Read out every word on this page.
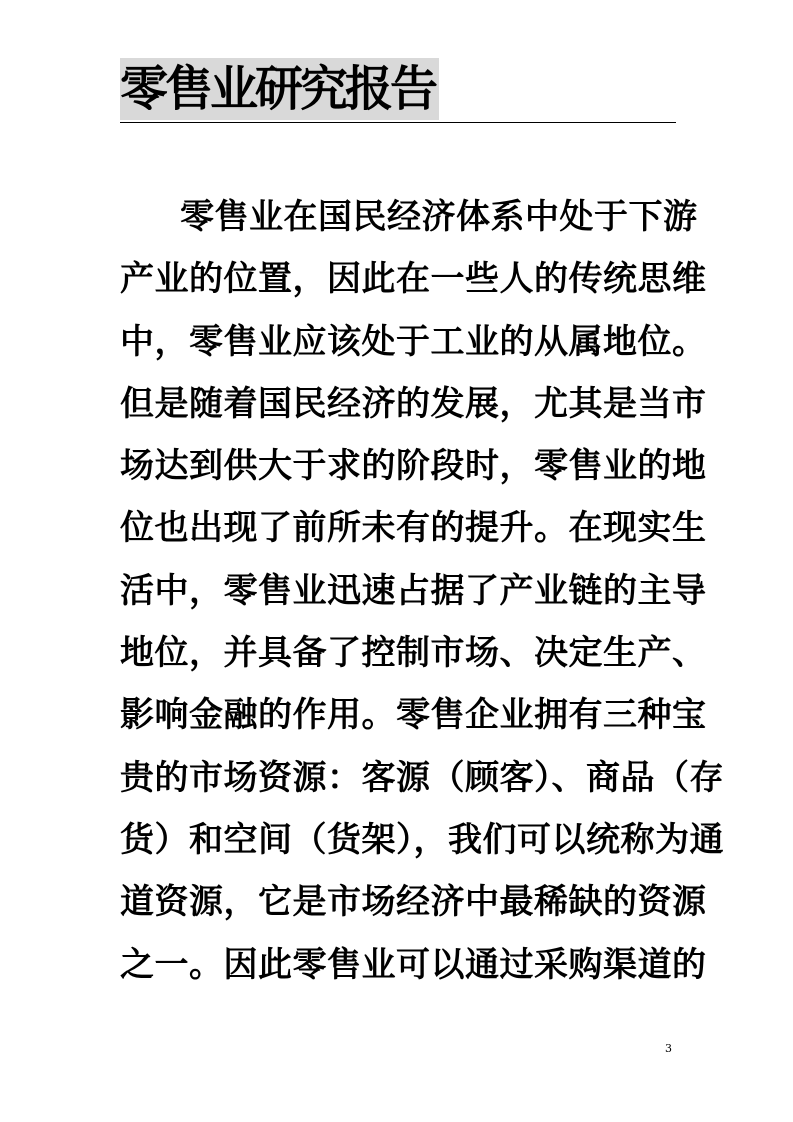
零售业研究报告
零售业在国民经济体系中处于下游
产业的位置，因此在一些人的传统思维
中，零售业应该处于工业的从属地位。
但是随着国民经济的发展，尤其是当市
场达到供大于求的阶段时，零售业的地
位也出现了前所未有的提升。在现实生
活中，零售业迅速占据了产业链的主导
地位，并具备了控制市场、决定生产、
影响金融的作用。零售企业拥有三种宝
贵的市场资源：客源（顾客）、商品（存
货）和空间（货架），我们可以统称为通
道资源，它是市场经济中最稀缺的资源
之一。因此零售业可以通过采购渠道的
3
